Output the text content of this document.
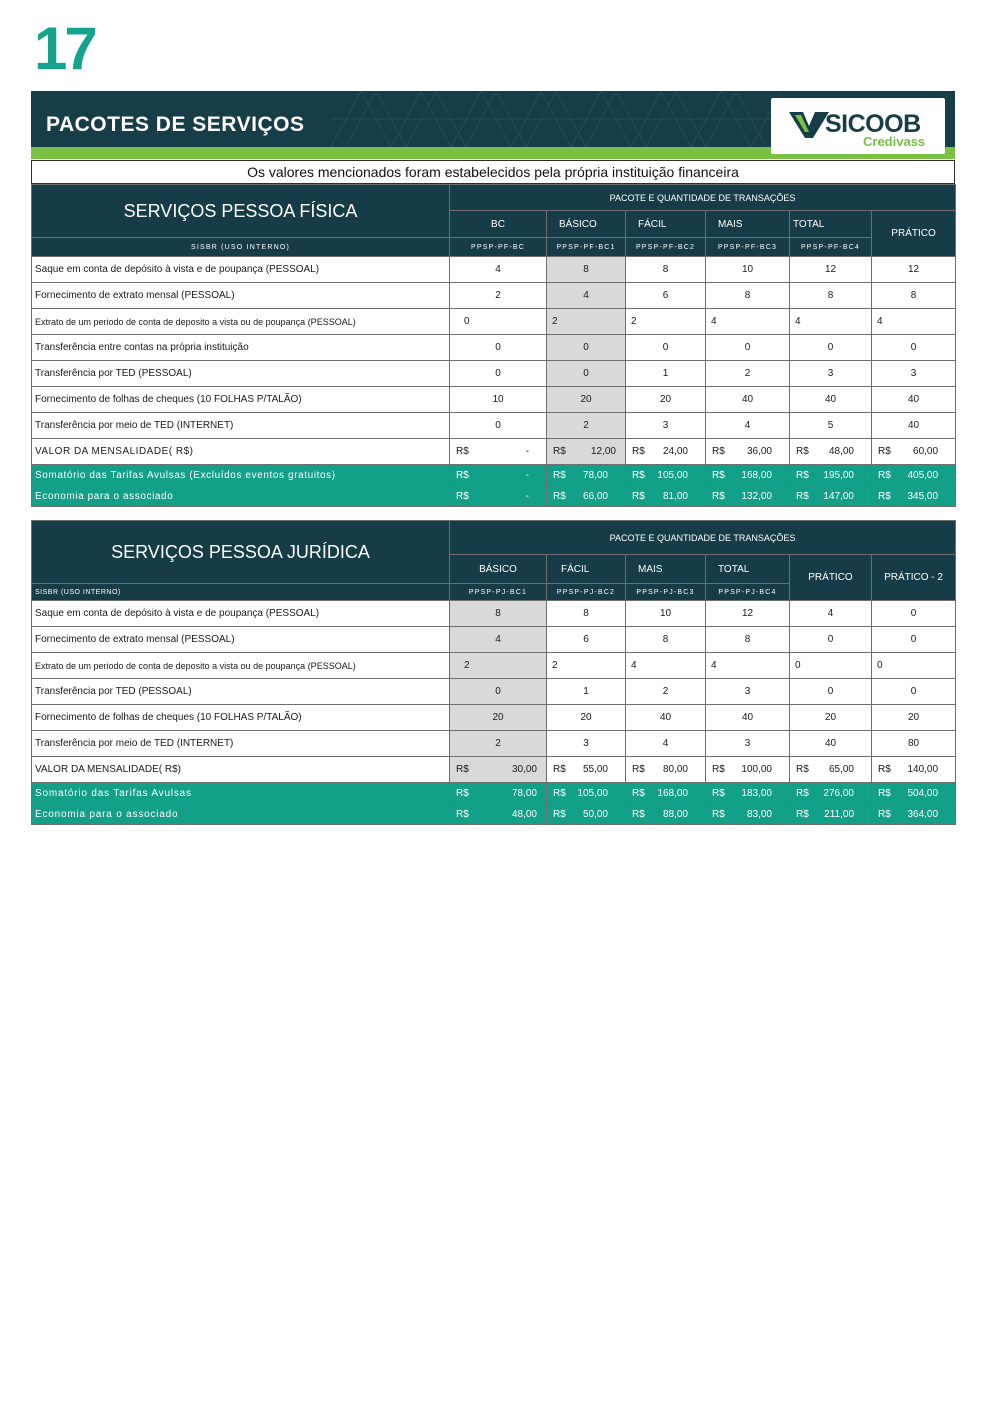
17
PACOTES DE SERVIÇOS	SICOOB
Credivass
Os valores mencionados foram estabelecidos pela própria instituição financeira
SERVIÇOS PESSOA FÍSICA	PACOTE E QUANTIDADE DE TRANSAÇÕES					
	BC	BÁSICO	FÁCIL	MAIS	TOTAL	PRÁTICO
SISBR (USO INTERNO)	PPSP-PF-BC	PPSP-PF-BC1	PPSP-PF-BC2	PPSP-PF-BC3	PPSP-PF-BC4	
Saque em conta de depósito à vista e de poupança (PESSOAL)	4	8	8	10	12	12
Fornecimento de extrato mensal (PESSOAL)	2	4	6	8	8	8
Extrato de um periodo de conta de deposito a vista ou de poupança (PESSOAL)	0	2	2	4	4	4
Transferência entre contas na própria instituição	0	0	0	0	0	0
Transferência por TED (PESSOAL)	0	0	1	2	3	3
Fornecimento de folhas de cheques (10 FOLHAS P/TALÃO)	10	20	20	40	40	40
Transferência por meio de TED (INTERNET)	0	2	3	4	5	40
VALOR DA MENSALIDADE( R$)	R$ -	R$ 12,00	R$ 24,00	R$ 36,00	R$ 48,00	R$ 60,00

Somatório das Tarifas Avulsas (Excluídos eventos gratuitos)	R$ -	R$ 78,00	R$ 105,00	R$ 168,00	R$ 195,00	R$ 405,00

Economia para o associado	R$ -	R$ 66,00	R$ 81,00	R$ 132,00	R$ 147,00	R$ 345,00
SERVIÇOS PESSOA JURÍDICA	PACOTE E QUANTIDADE DE TRANSAÇÕES					
	BÁSICO	FÁCIL	MAIS	TOTAL	PRÁTICO	PRÁTICO - 2
SISBR (USO INTERNO)	PPSP-PJ-BC1	PPSP-PJ-BC2	PPSP-PJ-BC3	PPSP-PJ-BC4		
Saque em conta de depósito à vista e de poupança (PESSOAL)	8	8	10	12	4	0
Fornecimento de extrato mensal (PESSOAL)	4	6	8	8	0	0
Extrato de um periodo de conta de deposito a vista ou de poupança (PESSOAL)	2	2	4	4	0	0
Transferência por TED (PESSOAL)	0	1	2	3	0	0
Fornecimento de folhas de cheques (10 FOLHAS P/TALÃO)	20	20	40	40	20	20
Transferência por meio de TED (INTERNET)	2	3	4	3	40	80
VALOR DA MENSALIDADE( R$)	R$ 30,00	R$ 55,00	R$ 80,00	R$ 100,00	R$ 65,00	R$ 140,00

Somatório das Tarifas Avulsas	R$ 78,00	R$ 105,00	R$ 168,00	R$ 183,00	R$ 276,00	R$ 504,00

Economia para o associado	R$ 48,00	R$ 50,00	R$ 88,00	R$ 83,00	R$ 211,00	R$ 364,00
